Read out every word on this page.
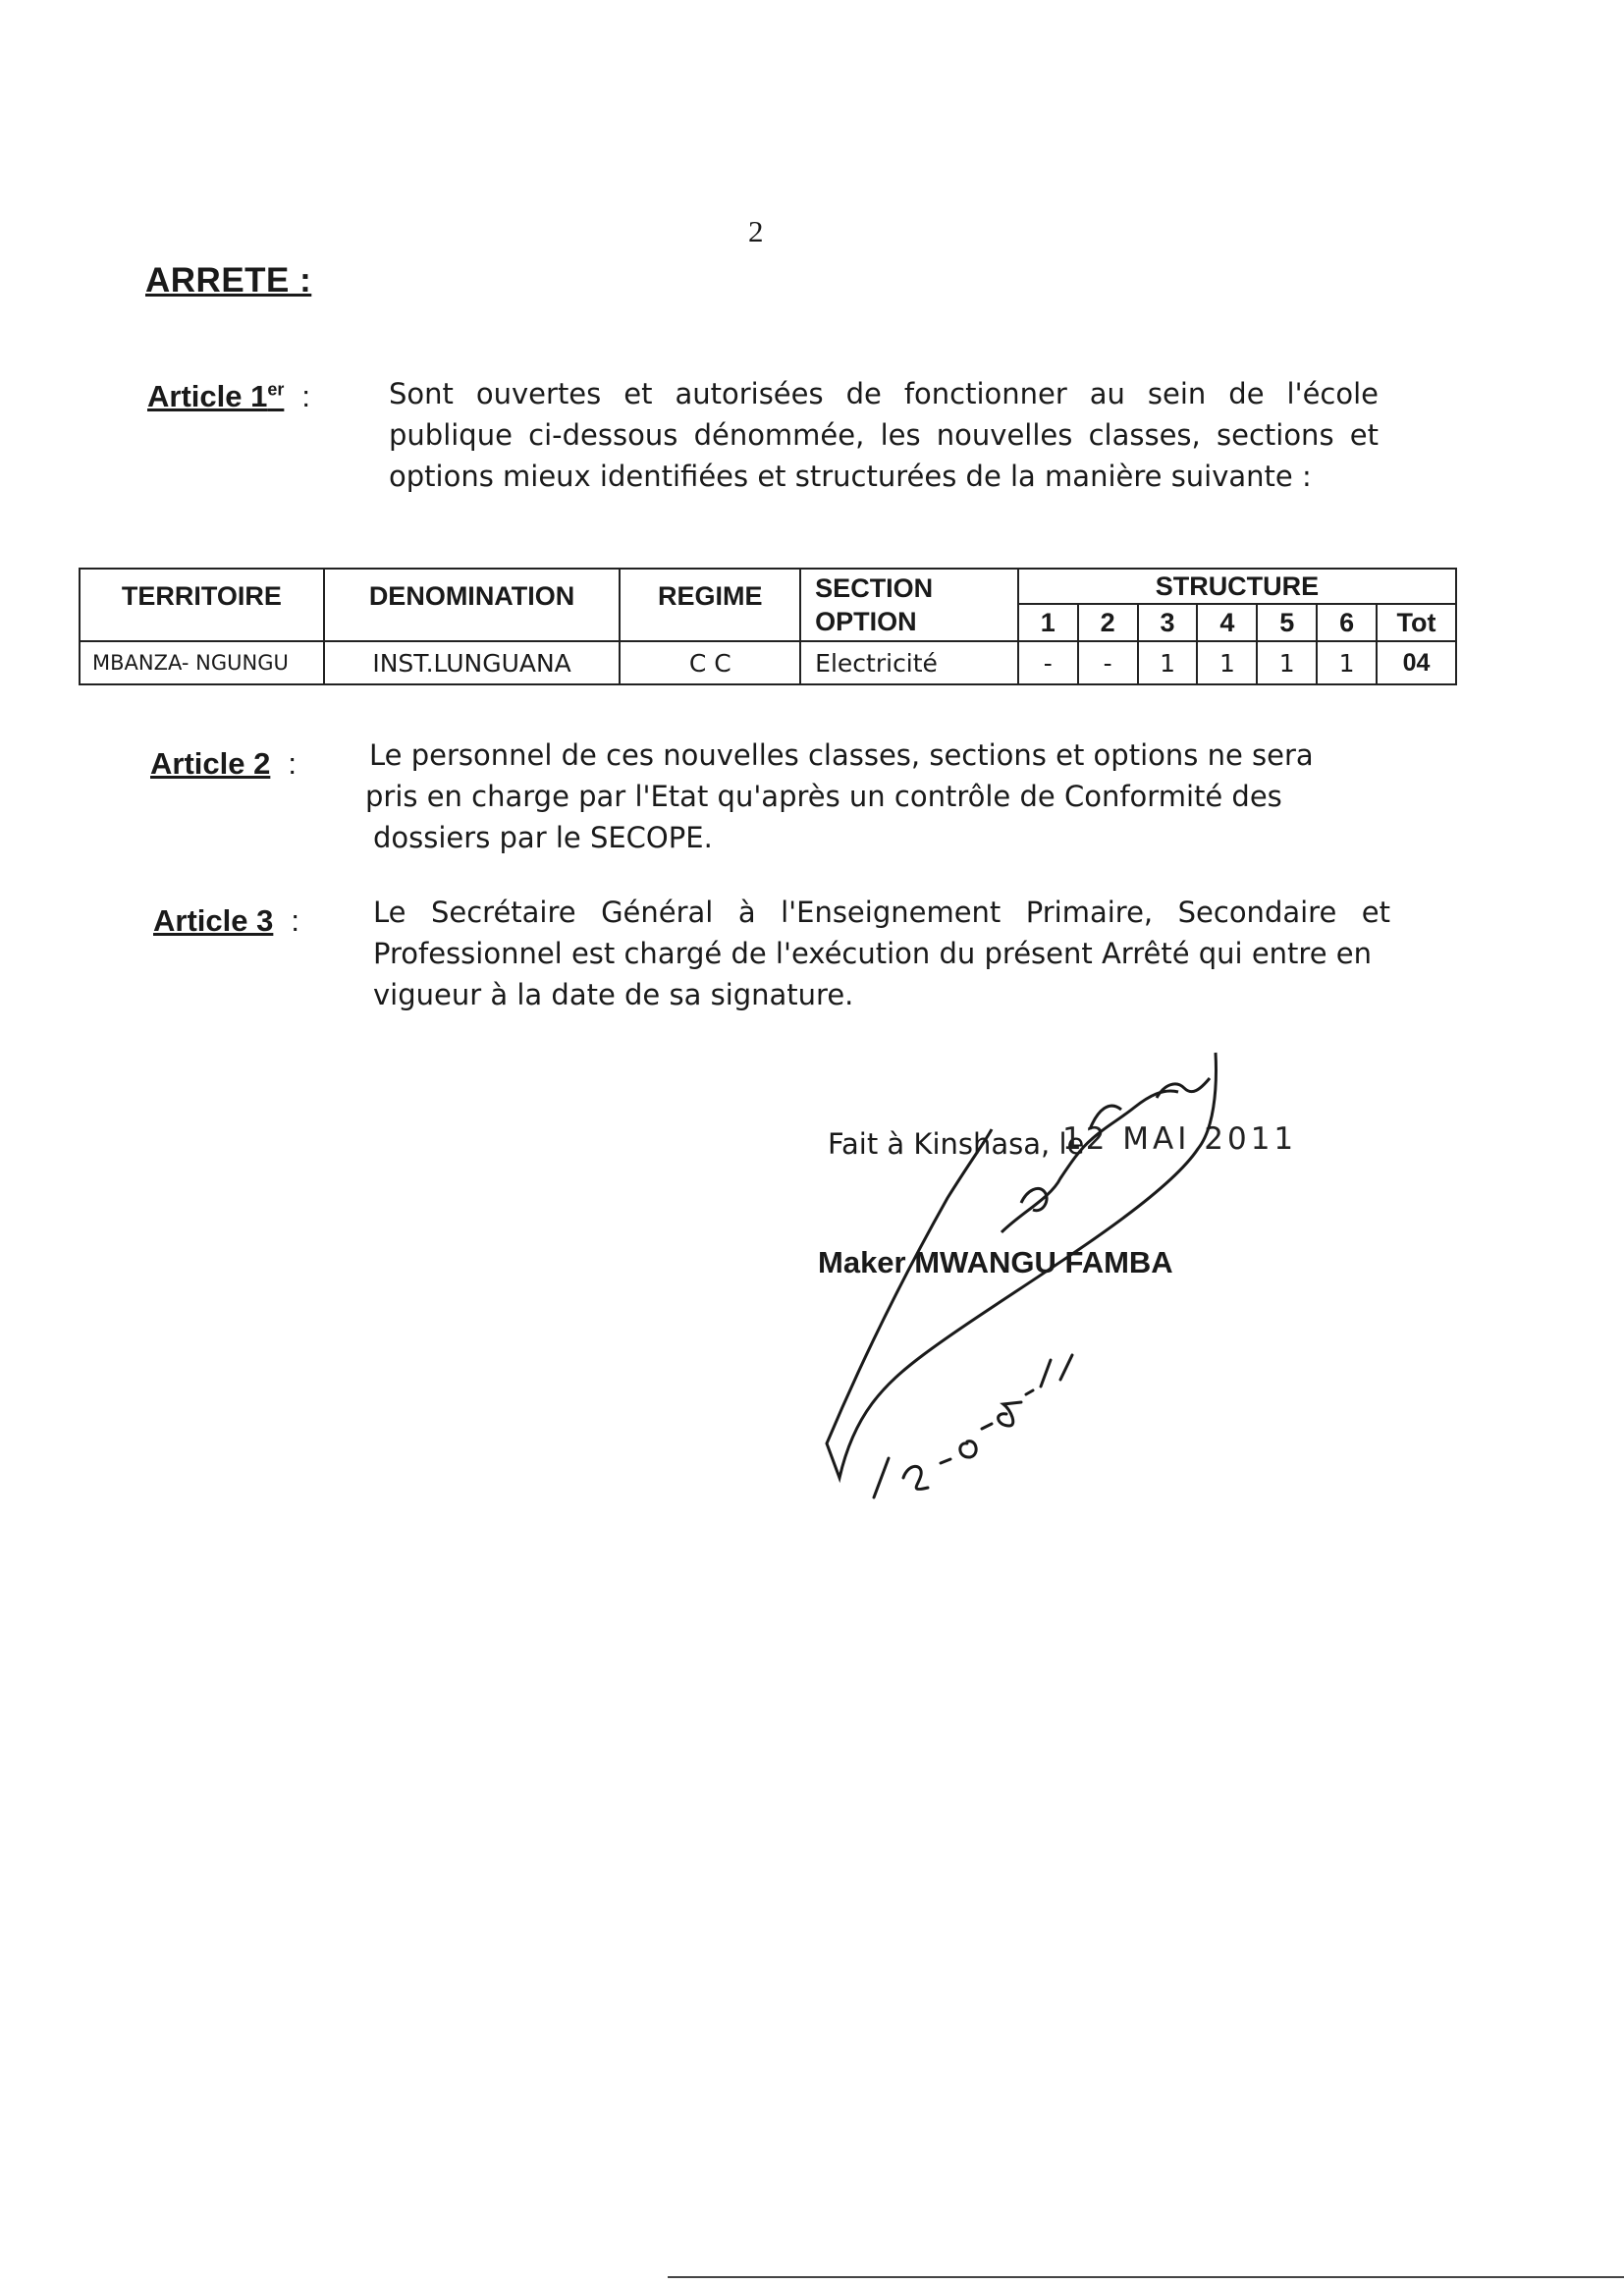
2
ARRETE :
Article 1er :	Sont ouvertes et autorisées de fonctionner au sein de l'école
publique ci-dessous dénommée, les nouvelles classes, sections et
options mieux identifiées et structurées de la manière suivante :
TERRITOIRE	DENOMINATION	REGIME	SECTION	STRUCTURE						
			OPTION	1	2	3	4	5	6	Tot
MBANZA- NGUNGU	INST.LUNGUANA	C C	Electricité	-	-	1	1	1	1	04
Article 2 :	Le personnel de ces nouvelles classes, sections et options ne sera
pris en charge par l'Etat qu'après un contrôle de Conformité des
dossiers par le SECOPE.
Article 3 :	Le Secrétaire Général à l'Enseignement Primaire, Secondaire et
Professionnel est chargé de l'exécution du présent Arrêté qui entre en
vigueur à la date de sa signature.
Fait à Kinshasa, le
12 MAI 2011
Maker MWANGU FAMBA
